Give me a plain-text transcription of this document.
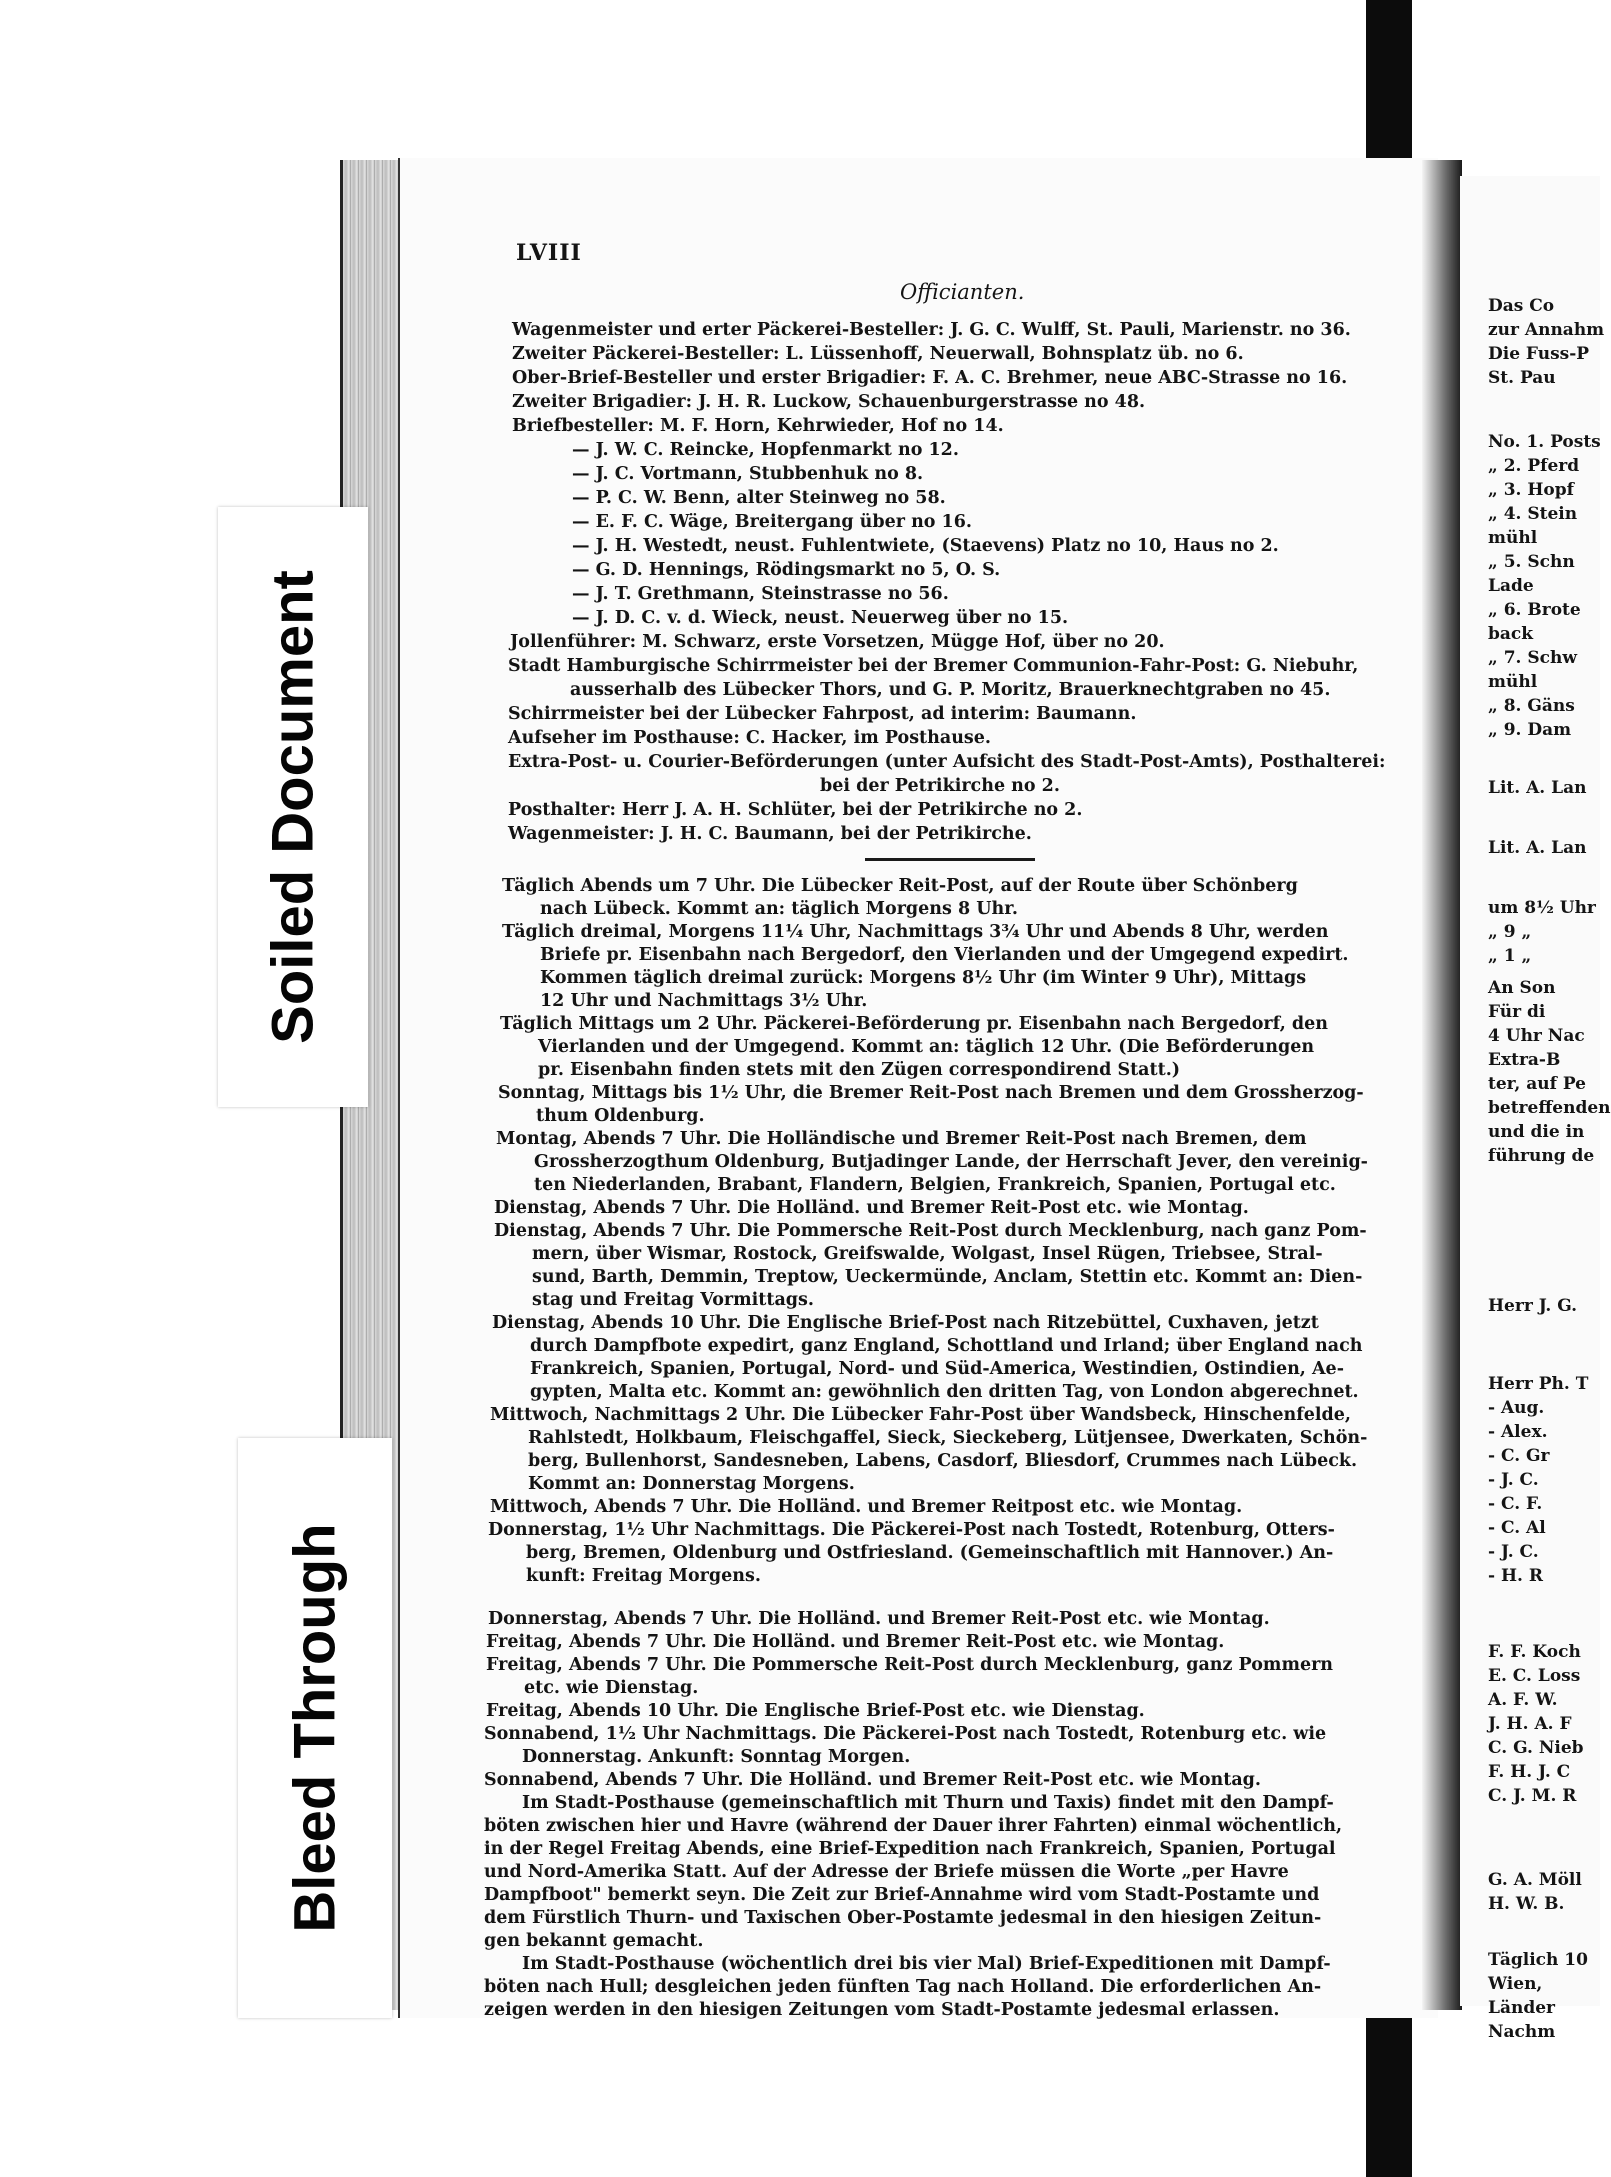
Das Co
zur Annahm
Die Fuss-P
St. Pau
No. 1. Posts
„ 2. Pferd
„ 3. Hopf
„ 4. Stein
mühl
„ 5. Schn
Lade
„ 6. Brote
back
„ 7. Schw
mühl
„ 8. Gäns
„ 9. Dam
Lit. A. Lan
Lit. A. Lan
um 8½ Uhr
„ 9 „
„ 1 „
An Son
Für di
4 Uhr Nac
Extra-B
ter, auf Pe
betreffenden
und die in
führung de
Herr J. G.
Herr Ph. T
- Aug.
- Alex.
- C. Gr
- J. C.
- C. F.
- C. Al
- J. C.
- H. R
F. F. Koch
E. C. Loss
A. F. W.
J. H. A. F
C. G. Nieb
F. H. J. C
C. J. M. R
G. A. Möll
H. W. B.
Täglich 10
Wien,
Länder
Nachm
LVIII
Officianten.
Wagenmeister und erter Päckerei-Besteller: J. G. C. Wulff, St. Pauli, Marienstr. no 36.
Zweiter Päckerei-Besteller: L. Lüssenhoff, Neuerwall, Bohnsplatz üb. no 6.
Ober-Brief-Besteller und erster Brigadier: F. A. C. Brehmer, neue ABC-Strasse no 16.
Zweiter Brigadier: J. H. R. Luckow, Schauenburgerstrasse no 48.
Briefbesteller: M. F. Horn, Kehrwieder, Hof no 14.
— J. W. C. Reincke, Hopfenmarkt no 12.
— J. C. Vortmann, Stubbenhuk no 8.
— P. C. W. Benn, alter Steinweg no 58.
— E. F. C. Wäge, Breitergang über no 16.
— J. H. Westedt, neust. Fuhlentwiete, (Staevens) Platz no 10, Haus no 2.
— G. D. Hennings, Rödingsmarkt no 5, O. S.
— J. T. Grethmann, Steinstrasse no 56.
— J. D. C. v. d. Wieck, neust. Neuerweg über no 15.
Jollenführer: M. Schwarz, erste Vorsetzen, Mügge Hof, über no 20.
Stadt Hamburgische Schirrmeister bei der Bremer Communion-Fahr-Post: G. Niebuhr,
ausserhalb des Lübecker Thors, und G. P. Moritz, Brauerknechtgraben no 45.
Schirrmeister bei der Lübecker Fahrpost, ad interim: Baumann.
Aufseher im Posthause: C. Hacker, im Posthause.
Extra-Post- u. Courier-Beförderungen (unter Aufsicht des Stadt-Post-Amts), Posthalterei:
bei der Petrikirche no 2.
Posthalter: Herr J. A. H. Schlüter, bei der Petrikirche no 2.
Wagenmeister: J. H. C. Baumann, bei der Petrikirche.
Täglich Abends um 7 Uhr. Die Lübecker Reit-Post, auf der Route über Schönberg
nach Lübeck. Kommt an: täglich Morgens 8 Uhr.
Täglich dreimal, Morgens 11¼ Uhr, Nachmittags 3¾ Uhr und Abends 8 Uhr, werden
Briefe pr. Eisenbahn nach Bergedorf, den Vierlanden und der Umgegend expedirt.
Kommen täglich dreimal zurück: Morgens 8½ Uhr (im Winter 9 Uhr), Mittags
12 Uhr und Nachmittags 3½ Uhr.
Täglich Mittags um 2 Uhr. Päckerei-Beförderung pr. Eisenbahn nach Bergedorf, den
Vierlanden und der Umgegend. Kommt an: täglich 12 Uhr. (Die Beförderungen
pr. Eisenbahn finden stets mit den Zügen correspondirend Statt.)
Sonntag, Mittags bis 1½ Uhr, die Bremer Reit-Post nach Bremen und dem Grossherzog-
thum Oldenburg.
Montag, Abends 7 Uhr. Die Holländische und Bremer Reit-Post nach Bremen, dem
Grossherzogthum Oldenburg, Butjadinger Lande, der Herrschaft Jever, den vereinig-
ten Niederlanden, Brabant, Flandern, Belgien, Frankreich, Spanien, Portugal etc.
Dienstag, Abends 7 Uhr. Die Holländ. und Bremer Reit-Post etc. wie Montag.
Dienstag, Abends 7 Uhr. Die Pommersche Reit-Post durch Mecklenburg, nach ganz Pom-
mern, über Wismar, Rostock, Greifswalde, Wolgast, Insel Rügen, Triebsee, Stral-
sund, Barth, Demmin, Treptow, Ueckermünde, Anclam, Stettin etc. Kommt an: Dien-
stag und Freitag Vormittags.
Dienstag, Abends 10 Uhr. Die Englische Brief-Post nach Ritzebüttel, Cuxhaven, jetzt
durch Dampfbote expedirt, ganz England, Schottland und Irland; über England nach
Frankreich, Spanien, Portugal, Nord- und Süd-America, Westindien, Ostindien, Ae-
gypten, Malta etc. Kommt an: gewöhnlich den dritten Tag, von London abgerechnet.
Mittwoch, Nachmittags 2 Uhr. Die Lübecker Fahr-Post über Wandsbeck, Hinschenfelde,
Rahlstedt, Holkbaum, Fleischgaffel, Sieck, Sieckeberg, Lütjensee, Dwerkaten, Schön-
berg, Bullenhorst, Sandesneben, Labens, Casdorf, Bliesdorf, Crummes nach Lübeck.
Kommt an: Donnerstag Morgens.
Mittwoch, Abends 7 Uhr. Die Holländ. und Bremer Reitpost etc. wie Montag.
Donnerstag, 1½ Uhr Nachmittags. Die Päckerei-Post nach Tostedt, Rotenburg, Otters-
berg, Bremen, Oldenburg und Ostfriesland. (Gemeinschaftlich mit Hannover.) An-
kunft: Freitag Morgens.
Donnerstag, Abends 7 Uhr. Die Holländ. und Bremer Reit-Post etc. wie Montag.
Freitag, Abends 7 Uhr. Die Holländ. und Bremer Reit-Post etc. wie Montag.
Freitag, Abends 7 Uhr. Die Pommersche Reit-Post durch Mecklenburg, ganz Pommern
etc. wie Dienstag.
Freitag, Abends 10 Uhr. Die Englische Brief-Post etc. wie Dienstag.
Sonnabend, 1½ Uhr Nachmittags. Die Päckerei-Post nach Tostedt, Rotenburg etc. wie
Donnerstag. Ankunft: Sonntag Morgen.
Sonnabend, Abends 7 Uhr. Die Holländ. und Bremer Reit-Post etc. wie Montag.
Im Stadt-Posthause (gemeinschaftlich mit Thurn und Taxis) findet mit den Dampf-
böten zwischen hier und Havre (während der Dauer ihrer Fahrten) einmal wöchentlich,
in der Regel Freitag Abends, eine Brief-Expedition nach Frankreich, Spanien, Portugal
und Nord-Amerika Statt. Auf der Adresse der Briefe müssen die Worte „per Havre
Dampfboot" bemerkt seyn. Die Zeit zur Brief-Annahme wird vom Stadt-Postamte und
dem Fürstlich Thurn- und Taxischen Ober-Postamte jedesmal in den hiesigen Zeitun-
gen bekannt gemacht.
Im Stadt-Posthause (wöchentlich drei bis vier Mal) Brief-Expeditionen mit Dampf-
böten nach Hull; desgleichen jeden fünften Tag nach Holland. Die erforderlichen An-
zeigen werden in den hiesigen Zeitungen vom Stadt-Postamte jedesmal erlassen.
Soiled Document
Bleed Through
